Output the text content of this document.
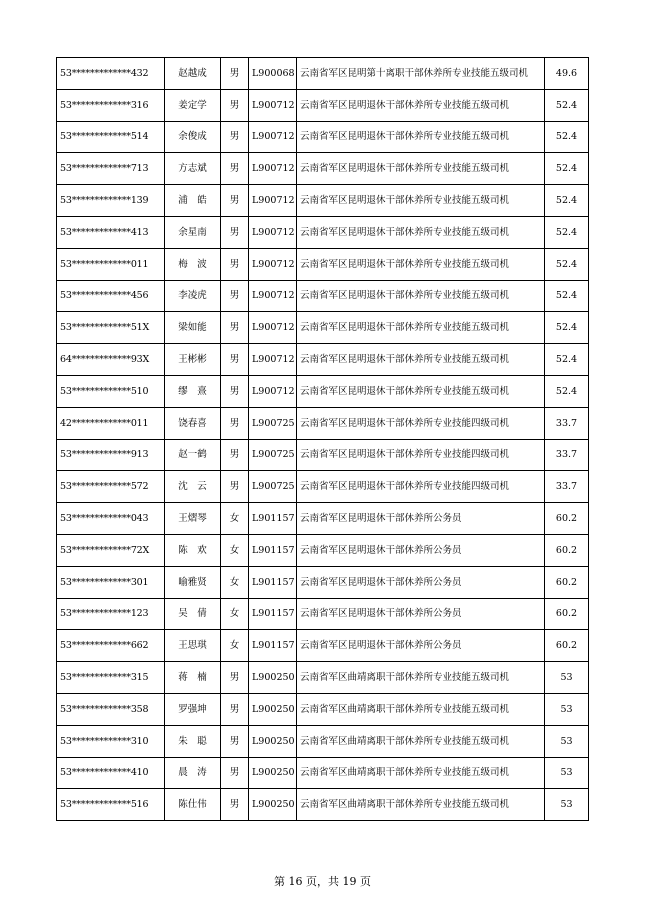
53*************432	赵越成	男	L900068	云南省军区昆明第十离职干部休养所专业技能五级司机	49.6
53*************316	姜定学	男	L900712	云南省军区昆明退休干部休养所专业技能五级司机	52.4
53*************514	余俊成	男	L900712	云南省军区昆明退休干部休养所专业技能五级司机	52.4
53*************713	方志斌	男	L900712	云南省军区昆明退休干部休养所专业技能五级司机	52.4
53*************139	浦　皓	男	L900712	云南省军区昆明退休干部休养所专业技能五级司机	52.4
53*************413	余星南	男	L900712	云南省军区昆明退休干部休养所专业技能五级司机	52.4
53*************011	梅　波	男	L900712	云南省军区昆明退休干部休养所专业技能五级司机	52.4
53*************456	李凌虎	男	L900712	云南省军区昆明退休干部休养所专业技能五级司机	52.4
53*************51X	梁如能	男	L900712	云南省军区昆明退休干部休养所专业技能五级司机	52.4
64*************93X	王彬彬	男	L900712	云南省军区昆明退休干部休养所专业技能五级司机	52.4
53*************510	缪　熹	男	L900712	云南省军区昆明退休干部休养所专业技能五级司机	52.4
42*************011	饶春喜	男	L900725	云南省军区昆明退休干部休养所专业技能四级司机	33.7
53*************913	赵一鹤	男	L900725	云南省军区昆明退休干部休养所专业技能四级司机	33.7
53*************572	沈　云	男	L900725	云南省军区昆明退休干部休养所专业技能四级司机	33.7
53*************043	王熠琴	女	L901157	云南省军区昆明退休干部休养所公务员	60.2
53*************72X	陈　欢	女	L901157	云南省军区昆明退休干部休养所公务员	60.2
53*************301	喻雅贤	女	L901157	云南省军区昆明退休干部休养所公务员	60.2
53*************123	吴　倩	女	L901157	云南省军区昆明退休干部休养所公务员	60.2
53*************662	王思琪	女	L901157	云南省军区昆明退休干部休养所公务员	60.2
53*************315	蒋　楠	男	L900250	云南省军区曲靖离职干部休养所专业技能五级司机	53
53*************358	罗强坤	男	L900250	云南省军区曲靖离职干部休养所专业技能五级司机	53
53*************310	朱　聪	男	L900250	云南省军区曲靖离职干部休养所专业技能五级司机	53
53*************410	晨　涛	男	L900250	云南省军区曲靖离职干部休养所专业技能五级司机	53
53*************516	陈仕伟	男	L900250	云南省军区曲靖离职干部休养所专业技能五级司机	53
第 16 页，共 19 页
